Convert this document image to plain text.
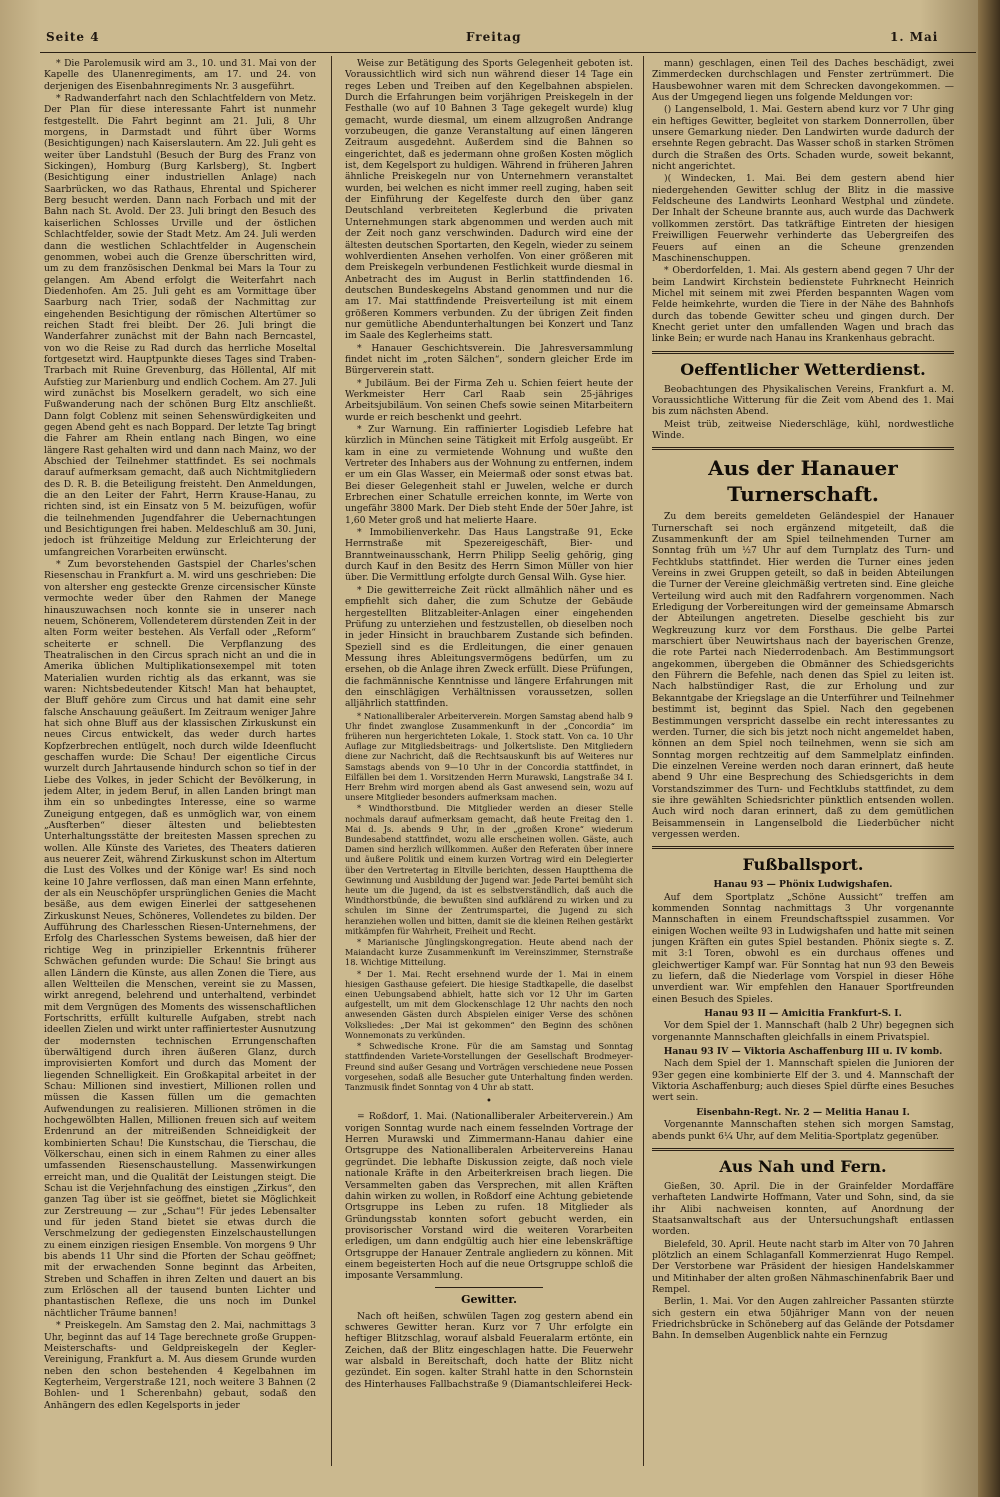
Seite 4	Freitag	1. Mai

* Die Parolemusik wird am 3., 10. und 31. Mai von der Kapelle des Ulanenregiments, am 17. und 24. von derjenigen des Eisenbahnregiments Nr. 3 ausgeführt.

* Radwanderfahrt nach den Schlachtfeldern von Metz. Der Plan für diese interessante Fahrt ist nunmehr festgestellt. Die Fahrt beginnt am 21. Juli, 8 Uhr morgens, in Darmstadt und führt über Worms (Besichtigungen) nach Kaiserslautern. Am 22. Juli geht es weiter über Landstuhl (Besuch der Burg des Franz von Sickingen), Homburg (Burg Karlsberg), St. Ingbert (Besichtigung einer industriellen Anlage) nach Saarbrücken, wo das Rathaus, Ehrental und Spicherer Berg besucht werden. Dann nach Forbach und mit der Bahn nach St. Avold. Der 23. Juli bringt den Besuch des kaiserlichen Schlosses Urville und der östlichen Schlachtfelder, sowie der Stadt Metz. Am 24. Juli werden dann die westlichen Schlachtfelder in Augenschein genommen, wobei auch die Grenze überschritten wird, um zu dem französischen Denkmal bei Mars la Tour zu gelangen. Am Abend erfolgt die Weiterfahrt nach Diedenhofen. Am 25. Juli geht es am Vormittage über Saarburg nach Trier, sodaß der Nachmittag zur eingehenden Besichtigung der römischen Altertümer so reichen Stadt frei bleibt. Der 26. Juli bringt die Wanderfahrer zunächst mit der Bahn nach Berncastel, von wo die Reise zu Rad durch das herrliche Moseltal fortgesetzt wird. Hauptpunkte dieses Tages sind Traben-Trarbach mit Ruine Grevenburg, das Höllental, Alf mit Aufstieg zur Marienburg und endlich Cochem. Am 27. Juli wird zunächst bis Moselkern geradelt, wo sich eine Fußwanderung nach der schönen Burg Eltz anschließt. Dann folgt Coblenz mit seinen Sehenswürdigkeiten und gegen Abend geht es nach Boppard. Der letzte Tag bringt die Fahrer am Rhein entlang nach Bingen, wo eine längere Rast gehalten wird und dann nach Mainz, wo der Abschied der Teilnehmer stattfindet. Es sei nochmals darauf aufmerksam gemacht, daß auch Nichtmitgliedern des D. R. B. die Beteiligung freisteht. Den Anmeldungen, die an den Leiter der Fahrt, Herrn Krause-Hanau, zu richten sind, ist ein Einsatz von 5 M. beizufügen, wofür die teilnehmenden Jugendfahrer die Uebernachtungen und Besichtigungen frei haben. Meldeschluß am 30. Juni, jedoch ist frühzeitige Meldung zur Erleichterung der umfangreichen Vorarbeiten erwünscht.

* Zum bevorstehenden Gastspiel der Charles'schen Riesenschau in Frankfurt a. M. wird uns geschrieben: Die von altersher eng gesteckte Grenze circensischer Künste vermochte weder über den Rahmen der Manege hinauszuwachsen noch konnte sie in unserer nach neuem, Schönerem, Vollendeterem dürstenden Zeit in der alten Form weiter bestehen. Als Verfall oder „Reform“ scheiterte er schnell. Die Verpflanzung des Theatralischen in den Circus sprach nicht an und die in Amerika üblichen Multiplikationsexempel mit toten Materialien wurden richtig als das erkannt, was sie waren: Nichtsbedeutender Kitsch! Man hat behauptet, der Bluff gehöre zum Circus und hat damit eine sehr falsche Anschauung geäußert. Im Zeitraum weniger Jahre hat sich ohne Bluff aus der klassischen Zirkuskunst ein neues Circus entwickelt, das weder durch hartes Kopfzerbrechen entlügelt, noch durch wilde Ideenflucht geschaffen wurde: Die Schau! Der eigentliche Circus wurzelt durch Jahrtausende hindurch schon so tief in der Liebe des Volkes, in jeder Schicht der Bevölkerung, in jedem Alter, in jedem Beruf, in allen Landen bringt man ihm ein so unbedingtes Interesse, eine so warme Zuneigung entgegen, daß es unmöglich war, von einem „Ausfterben“ dieser ältesten und beliebtesten Unterhaltungsstätte der breitesten Massen sprechen zu wollen. Alle Künste des Varietes, des Theaters datieren aus neuerer Zeit, während Zirkuskunst schon im Altertum die Lust des Volkes und der Könige war! Es sind noch keine 10 Jahre verflossen, daß man einen Mann erfehnte, der als ein Neuschöpfer ursprünglichen Genies die Macht besäße, aus dem ewigen Einerlei der sattgesehenen Zirkuskunst Neues, Schöneres, Vollendetes zu bilden. Der Aufführung des Charlesschen Riesen-Unternehmens, der Erfolg des Charlesschen Systems beweisen, daß hier der richtige Weg in prinzipieller Erkenntnis früherer Schwächen gefunden wurde: Die Schau! Sie bringt aus allen Ländern die Künste, aus allen Zonen die Tiere, aus allen Weltteilen die Menschen, vereint sie zu Massen, wirkt anregend, belehrend und unterhaltend, verbindet mit dem Vergnügen des Moments des wissenschaftlichen Fortschritts, erfüllt kulturelle Aufgaben, strebt nach ideellen Zielen und wirkt unter raffiniertester Ausnutzung der modernsten technischen Errungenschaften überwältigend durch ihren äußeren Glanz, durch improvisierten Komfort und durch das Moment der liegenden Schnelligkeit. Ein Großkapital arbeitet in der Schau: Millionen sind investiert, Millionen rollen und müssen die Kassen füllen um die gemachten Aufwendungen zu realisieren. Millionen strömen in die hochgewölbten Hallen, Millionen freuen sich auf weitem Erdenrund an der mitreißenden Schneidigkeit der kombinierten Schau! Die Kunstschau, die Tierschau, die Völkerschau, einen sich in einem Rahmen zu einer alles umfassenden Riesenschaustellung. Massenwirkungen erreicht man, und die Qualität der Leistungen steigt. Die Schau ist die Verjehnfachung des einstigen „Zirkus“, den ganzen Tag über ist sie geöffnet, bietet sie Möglichkeit zur Zerstreuung — zur „Schau“! Für jedes Lebensalter und für jeden Stand bietet sie etwas durch die Verschmelzung der gediegensten Einzelschaustellungen zu einem einzigen riesigen Ensemble. Von morgens 9 Uhr bis abends 11 Uhr sind die Pforten der Schau geöffnet; mit der erwachenden Sonne beginnt das Arbeiten, Streben und Schaffen in ihren Zelten und dauert an bis zum Erlöschen all der tausend bunten Lichter und phantastischen Reflexe, die uns noch im Dunkel nächtlicher Träume bannen!

* Preiskegeln. Am Samstag den 2. Mai, nachmittags 3 Uhr, beginnt das auf 14 Tage berechnete große Gruppen-Meisterschafts- und Geldpreiskegeln der Kegler-Vereinigung, Frankfurt a. M. Aus diesem Grunde wurden neben den schon bestehenden 4 Kegelbahnen im Kegterheim, Vergerstraße 121, noch weitere 3 Bahnen (2 Bohlen- und 1 Scherenbahn) gebaut, sodaß den Anhängern des edlen Kegelsports in jeder

Weise zur Betätigung des Sports Gelegenheit geboten ist. Voraussichtlich wird sich nun während dieser 14 Tage ein reges Leben und Treiben auf den Kegelbahnen abspielen. Durch die Erfahrungen beim vorjährigen Preiskegeln in der Festhalle (wo auf 10 Bahnen 3 Tage gekegelt wurde) klug gemacht, wurde diesmal, um einem allzugroßen Andrange vorzubeugen, die ganze Veranstaltung auf einen längeren Zeitraum ausgedehnt. Außerdem sind die Bahnen so eingerichtet, daß es jedermann ohne großen Kosten möglich ist, dem Kegelsport zu huldigen. Während in früheren Jahren ähnliche Preiskegeln nur von Unternehmern veranstaltet wurden, bei welchen es nicht immer reell zuging, haben seit der Einführung der Kegelfeste durch den über ganz Deutschland verbreiteten Keglerbund die privaten Unternehmungen stark abgenommen und werden auch mit der Zeit noch ganz verschwinden. Dadurch wird eine der ältesten deutschen Sportarten, den Kegeln, wieder zu seinem wohlverdienten Ansehen verholfen. Von einer größeren mit dem Preiskegeln verbundenen Festlichkeit wurde diesmal in Anbetracht des im August in Berlin stattfindenden 16. deutschen Bundeskegelns Abstand genommen und nur die am 17. Mai stattfindende Preisverteilung ist mit einem größeren Kommers verbunden. Zu der übrigen Zeit finden nur gemütliche Abendunterhaltungen bei Konzert und Tanz im Saale des Keglerheims statt.

* Hanauer Geschichtsverein. Die Jahresversammlung findet nicht im „roten Sälchen“, sondern gleicher Erde im Bürgerverein statt.

* Jubiläum. Bei der Firma Zeh u. Schien feiert heute der Werkmeister Herr Carl Raab sein 25-jähriges Arbeitsjubiläum. Von seinen Chefs sowie seinen Mitarbeitern wurde er reich beschenkt und geehrt.

* Zur Warnung. Ein raffinierter Logisdieb Lefebre hat kürzlich in München seine Tätigkeit mit Erfolg ausgeübt. Er kam in eine zu vermietende Wohnung und wußte den Vertreter des Inhabers aus der Wohnung zu entfernen, indem er um ein Glas Wasser, ein Meiermaß oder sonst etwas bat. Bei dieser Gelegenheit stahl er Juwelen, welche er durch Erbrechen einer Schatulle erreichen konnte, im Werte von ungefähr 3800 Mark. Der Dieb steht Ende der 50er Jahre, ist 1,60 Meter groß und hat melierte Haare.

* Immobilienverkehr. Das Haus Langstraße 91, Ecke Herrnstraße mit Spezereigeschäft, Bier- und Branntweinausschank, Herrn Philipp Seelig gehörig, ging durch Kauf in den Besitz des Herrn Simon Müller von hier über. Die Vermittlung erfolgte durch Gensal Wilh. Gyse hier.

* Die gewitterreiche Zeit rückt allmählich näher und es empfiehlt sich daher, die zum Schutze der Gebäude hergestellten Blitzableiter-Anlagen einer eingehenden Prüfung zu unterziehen und festzustellen, ob dieselben noch in jeder Hinsicht in brauchbarem Zustande sich befinden. Speziell sind es die Erdleitungen, die einer genauen Messung ihres Ableitungsvermögens bedürfen, um zu ersehen, ob die Anlage ihren Zweck erfüllt. Diese Prüfungen, die fachmännische Kenntnisse und längere Erfahrungen mit den einschlägigen Verhältnissen voraussetzen, sollen alljährlich stattfinden.

* Nationalliberaler Arbeiterverein. Morgen Samstag abend halb 9 Uhr findet zwanglose Zusammenkunft in der „Concordia“ im früheren nun hergerichteten Lokale, 1. Stock statt. Von ca. 10 Uhr Auflage zur Mitgliedsbeitrags- und Jolkertsliste. Den Mitgliedern diene zur Nachricht, daß die Rechtsauskunft bis auf Weiteres nur Samstags abends von 9—10 Uhr in der Concordia stattfindet, in Eilfällen bei dem 1. Vorsitzenden Herrn Murawski, Langstraße 34 I. Herr Brehm wird morgen abend als Gast anwesend sein, wozu auf unsere Mitglieder besonders aufmerksam machen.

* Windthorstbund. Die Mitglieder werden an dieser Stelle nochmals darauf aufmerksam gemacht, daß heute Freitag den 1. Mai d. Js. abends 9 Uhr, in der „großen Krone“ wiederum Bundesabend stattfindet, wozu alle erscheinen wollen. Gäste, auch Damen sind herzlich willkommen. Außer den Referaten über innere und äußere Politik und einem kurzen Vortrag wird ein Delegierter über den Vertretertag in Eltville berichten, dessen Hauptthema die Gewinnung und Ausbildung der Jugend war. Jede Partei bemüht sich heute um die Jugend, da ist es selbstverständlich, daß auch die Windthorstbünde, die bewußten sind aufklärend zu wirken und zu schulen im Sinne der Zentrumspartei, die Jugend zu sich heranziehen wollen und bitten, damit sie die kleinen Reihen gestärkt mitkämpfen für Wahrheit, Freiheit und Recht.

* Marianische Jünglingskongregation. Heute abend nach der Maiandacht kurze Zusammenkunft im Vereinszimmer, Sternstraße 18. Wichtige Mitteilung.

* Der 1. Mai. Recht ersehnend wurde der 1. Mai in einem hiesigen Gasthause gefeiert. Die hiesige Stadtkapelle, die daselbst einen Uebungsabend abhielt, hatte sich vor 12 Uhr im Garten aufgestellt, um mit dem Glockenschlage 12 Uhr nachts den noch anwesenden Gästen durch Abspielen einiger Verse des schönen Volksliedes: „Der Mai ist gekommen“ den Beginn des schönen Wonnemonats zu verkünden.

* Schwedische Krone. Für die am Samstag und Sonntag stattfindenden Variete-Vorstellungen der Gesellschaft Brodmeyer-Freund sind außer Gesang und Vorträgen verschiedene neue Possen vorgesehen, sodaß alle Besucher gute Unterhaltung finden werden. Tanzmusik findet Sonntag von 4 Uhr ab statt.

•

= Roßdorf, 1. Mai. (Nationalliberaler Arbeiterverein.) Am vorigen Sonntag wurde nach einem fesselnden Vortrage der Herren Murawski und Zimmermann-Hanau dahier eine Ortsgruppe des Nationalliberalen Arbeitervereins Hanau gegründet. Die lebhafte Diskussion zeigte, daß noch viele nationale Kräfte in den Arbeiterkreisen brach liegen. Die Versammelten gaben das Versprechen, mit allen Kräften dahin wirken zu wollen, in Roßdorf eine Achtung gebietende Ortsgruppe ins Leben zu rufen. 18 Mitglieder als Gründungsstab konnten sofort gebucht werden, ein provisorischer Vorstand wird die weiteren Vorarbeiten erledigen, um dann endgültig auch hier eine lebenskräftige Ortsgruppe der Hanauer Zentrale angliedern zu können. Mit einem begeisterten Hoch auf die neue Ortsgruppe schloß die imposante Versammlung.

Gewitter.

Nach oft heißen, schwülen Tagen zog gestern abend ein schweres Gewitter heran. Kurz vor 7 Uhr erfolgte ein heftiger Blitzschlag, worauf alsbald Feueralarm ertönte, ein Zeichen, daß der Blitz eingeschlagen hatte. Die Feuerwehr war alsbald in Bereitschaft, doch hatte der Blitz nicht gezündet. Ein sogen. kalter Strahl hatte in den Schornstein des Hinterhauses Fallbachstraße 9 (Diamantschleiferei Heck-

mann) geschlagen, einen Teil des Daches beschädigt, zwei Zimmerdecken durchschlagen und Fenster zertrümmert. Die Hausbewohner waren mit dem Schrecken davongekommen. — Aus der Umgegend liegen uns folgende Meldungen vor:

() Langenselbold, 1. Mai. Gestern abend kurz vor 7 Uhr ging ein heftiges Gewitter, begleitet von starkem Donnerrollen, über unsere Gemarkung nieder. Den Landwirten wurde dadurch der ersehnte Regen gebracht. Das Wasser schoß in starken Strömen durch die Straßen des Orts. Schaden wurde, soweit bekannt, nicht angerichtet.

)( Windecken, 1. Mai. Bei dem gestern abend hier niedergehenden Gewitter schlug der Blitz in die massive Feldscheune des Landwirts Leonhard Westphal und zündete. Der Inhalt der Scheune brannte aus, auch wurde das Dachwerk vollkommen zerstört. Das tatkräftige Eintreten der hiesigen Freiwilligen Feuerwehr verhinderte das Uebergreifen des Feuers auf einen an die Scheune grenzenden Maschinenschuppen.

* Oberdorfelden, 1. Mai. Als gestern abend gegen 7 Uhr der beim Landwirt Kirchstein bedienstete Fuhrknecht Heinrich Michel mit seinem mit zwei Pferden bespannten Wagen vom Felde heimkehrte, wurden die Tiere in der Nähe des Bahnhofs durch das tobende Gewitter scheu und gingen durch. Der Knecht geriet unter den umfallenden Wagen und brach das linke Bein; er wurde nach Hanau ins Krankenhaus gebracht.

Oeffentlicher Wetterdienst.

Beobachtungen des Physikalischen Vereins, Frankfurt a. M. Voraussichtliche Witterung für die Zeit vom Abend des 1. Mai bis zum nächsten Abend.

Meist trüb, zeitweise Niederschläge, kühl, nordwestliche Winde.

Aus der Hanauer Turnerschaft.

Zu dem bereits gemeldeten Geländespiel der Hanauer Turnerschaft sei noch ergänzend mitgeteilt, daß die Zusammenkunft der am Spiel teilnehmenden Turner am Sonntag früh um ½7 Uhr auf dem Turnplatz des Turn- und Fechtklubs stattfindet. Hier werden die Turner eines jeden Vereins in zwei Gruppen geteilt, so daß in beiden Abteilungen die Turner der Vereine gleichmäßig vertreten sind. Eine gleiche Verteilung wird auch mit den Radfahrern vorgenommen. Nach Erledigung der Vorbereitungen wird der gemeinsame Abmarsch der Abteilungen angetreten. Dieselbe geschieht bis zur Wegkreuzung kurz vor dem Forsthaus. Die gelbe Partei marschiert über Neuwirtshaus nach der bayerischen Grenze, die rote Partei nach Niederrodenbach. Am Bestimmungsort angekommen, übergeben die Obmänner des Schiedsgerichts den Führern die Befehle, nach denen das Spiel zu leiten ist. Nach halbstündiger Rast, die zur Erholung und zur Bekanntgabe der Kriegslage an die Unterführer und Teilnehmer bestimmt ist, beginnt das Spiel. Nach den gegebenen Bestimmungen verspricht dasselbe ein recht interessantes zu werden. Turner, die sich bis jetzt noch nicht angemeldet haben, können an dem Spiel noch teilnehmen, wenn sie sich am Sonntag morgen rechtzeitig auf dem Sammelplatz einfinden. Die einzelnen Vereine werden noch daran erinnert, daß heute abend 9 Uhr eine Besprechung des Schiedsgerichts in dem Vorstandszimmer des Turn- und Fechtklubs stattfindet, zu dem sie ihre gewählten Schiedsrichter pünktlich entsenden wollen. Auch wird noch daran erinnert, daß zu dem gemütlichen Beisammensein in Langenselbold die Liederbücher nicht vergessen werden.

Fußballsport.

Hanau 93 — Phönix Ludwigshafen.

Auf dem Sportplatz „Schöne Aussicht“ treffen am kommenden Sonntag nachmittags 3 Uhr vorgenannte Mannschaften in einem Freundschaftsspiel zusammen. Vor einigen Wochen weilte 93 in Ludwigshafen und hatte mit seinen jungen Kräften ein gutes Spiel bestanden. Phönix siegte s. Z. mit 3:1 Toren, obwohl es ein durchaus offenes und gleichwertiger Kampf war. Für Sonntag hat nun 93 den Beweis zu liefern, daß die Niederlage vom Vorspiel in dieser Höhe unverdient war. Wir empfehlen den Hanauer Sportfreunden einen Besuch des Spieles.

Hanau 93 II — Amicitia Frankfurt-S. I.

Vor dem Spiel der 1. Mannschaft (halb 2 Uhr) begegnen sich vorgenannte Mannschaften gleichfalls in einem Privatspiel.

Hanau 93 IV — Viktoria Aschaffenburg III u. IV komb.

Nach dem Spiel der 1. Mannschaft spielen die Junioren der 93er gegen eine kombinierte Elf der 3. und 4. Mannschaft der Viktoria Aschaffenburg; auch dieses Spiel dürfte eines Besuches wert sein.

Eisenbahn-Regt. Nr. 2 — Melitia Hanau I.

Vorgenannte Mannschaften stehen sich morgen Samstag, abends punkt 6¼ Uhr, auf dem Melitia-Sportplatz gegenüber.

Aus Nah und Fern.

Gießen, 30. April. Die in der Grainfelder Mordaffäre verhafteten Landwirte Hoffmann, Vater und Sohn, sind, da sie ihr Alibi nachweisen konnten, auf Anordnung der Staatsanwaltschaft aus der Untersuchungshaft entlassen worden.

Bielefeld, 30. April. Heute nacht starb im Alter von 70 Jahren plötzlich an einem Schlaganfall Kommerzienrat Hugo Rempel. Der Verstorbene war Präsident der hiesigen Handelskammer und Mitinhaber der alten großen Nähmaschinenfabrik Baer und Rempel.

Berlin, 1. Mai. Vor den Augen zahlreicher Passanten stürzte sich gestern ein etwa 50jähriger Mann von der neuen Friedrichsbrücke in Schöneberg auf das Gelände der Potsdamer Bahn. In demselben Augenblick nahte ein Fernzug
